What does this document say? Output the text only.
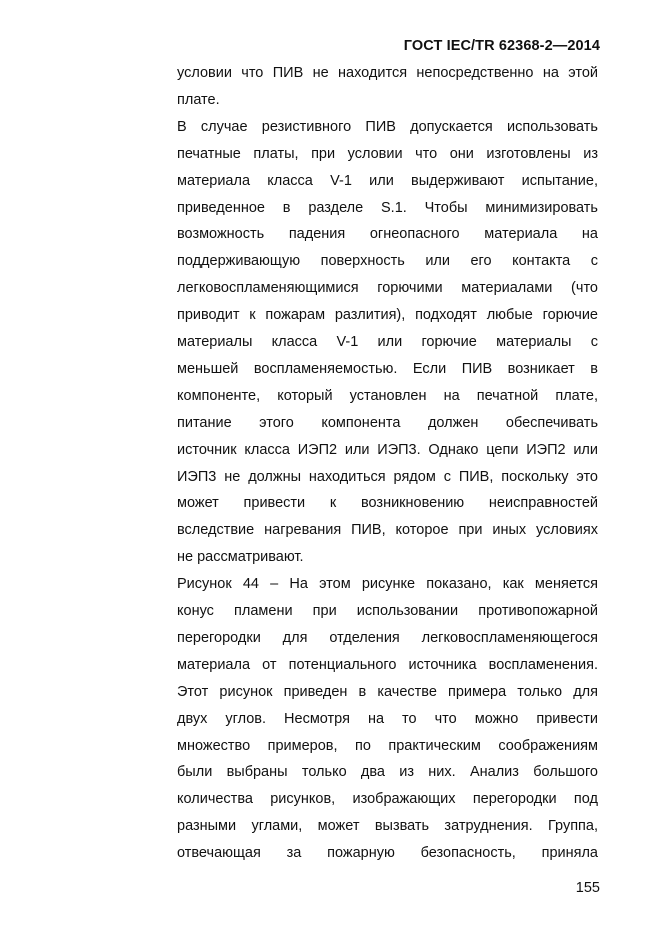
ГОСТ IEC/TR 62368-2—2014
условии что ПИВ не находится непосредственно на этой
плате.
В случае резистивного ПИВ допускается использовать
печатные платы, при условии что они изготовлены из
материала класса V-1 или выдерживают испытание,
приведенное в разделе S.1. Чтобы минимизировать
возможность падения огнеопасного материала на
поддерживающую поверхность или его контакта с
легковоспламеняющимися горючими материалами (что
приводит к пожарам разлития), подходят любые горючие
материалы класса V-1 или горючие материалы с
меньшей воспламеняемостью. Если ПИВ возникает в
компоненте, который установлен на печатной плате,
питание этого компонента должен обеспечивать
источник класса ИЭП2 или ИЭП3. Однако цепи ИЭП2 или
ИЭП3 не должны находиться рядом с ПИВ, поскольку это
может привести к возникновению неисправностей
вследствие нагревания ПИВ, которое при иных условиях
не рассматривают.
Рисунок 44 – На этом рисунке показано, как меняется
конус пламени при использовании противопожарной
перегородки для отделения легковоспламеняющегося
материала от потенциального источника воспламенения.
Этот рисунок приведен в качестве примера только для
двух углов. Несмотря на то что можно привести
множество примеров, по практическим соображениям
были выбраны только два из них. Анализ большого
количества рисунков, изображающих перегородки под
разными углами, может вызвать затруднения. Группа,
отвечающая за пожарную безопасность, приняла
155
